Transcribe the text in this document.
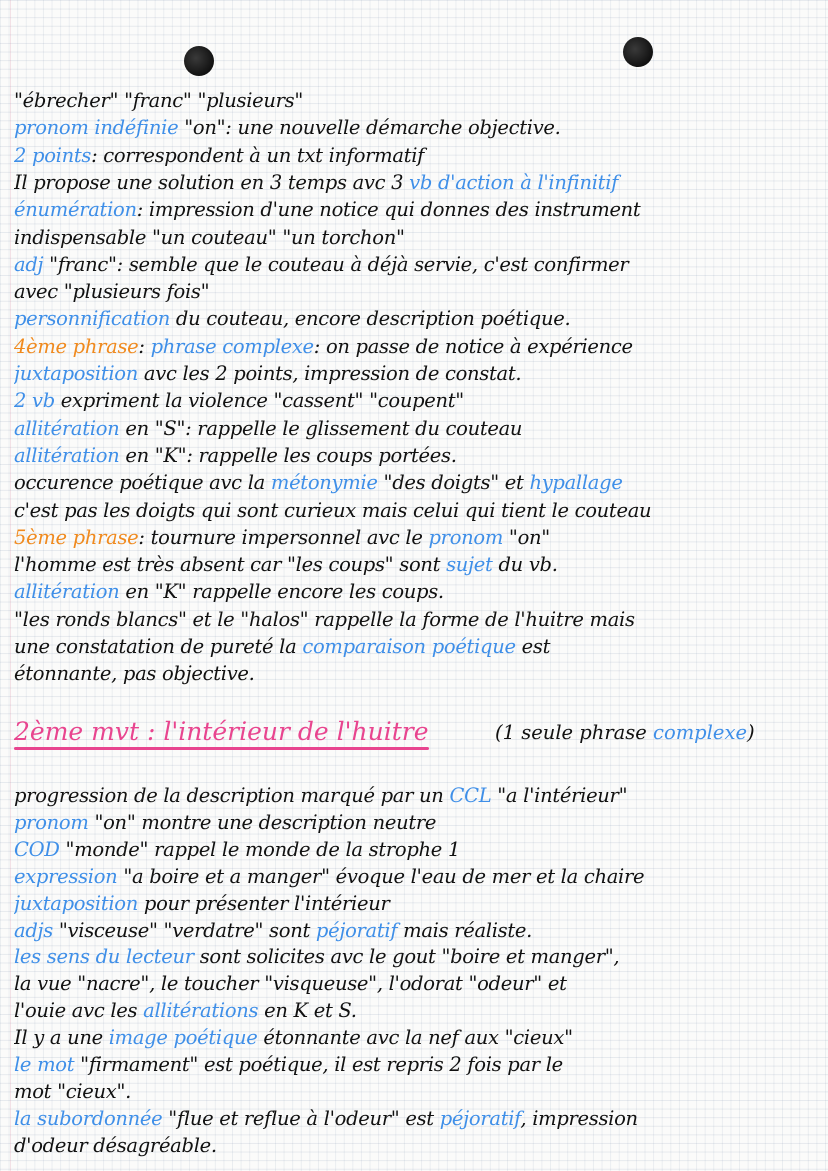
"ébrecher" "franc" "plusieurs"
pronom indéfinie "on": une nouvelle démarche objective.
2 points: correspondent à un txt informatif
Il propose une solution en 3 temps avc 3 vb d'action à l'infinitif
énumération: impression d'une notice qui donnes des instrument
indispensable "un couteau" "un torchon"
adj "franc": semble que le couteau à déjà servie, c'est confirmer
avec "plusieurs fois"
personnification du couteau, encore description poétique.
4ème phrase: phrase complexe: on passe de notice à expérience
juxtaposition avc les 2 points, impression de constat.
2 vb expriment la violence "cassent" "coupent"
allitération en "S": rappelle le glissement du couteau
allitération en "K": rappelle les coups portées.
occurence poétique avc la métonymie "des doigts" et hypallage
c'est pas les doigts qui sont curieux mais celui qui tient le couteau
5ème phrase: tournure impersonnel avc le pronom "on"
l'homme est très absent car "les coups" sont sujet du vb.
allitération en "K" rappelle encore les coups.
"les ronds blancs" et le "halos" rappelle la forme de l'huitre mais
une constatation de pureté la comparaison poétique est
étonnante, pas objective.
2ème mvt : l'intérieur de l'huitre	(1 seule phrase complexe)
progression de la description marqué par un CCL "a l'intérieur"
pronom "on" montre une description neutre
COD "monde" rappel le monde de la strophe 1
expression "a boire et a manger" évoque l'eau de mer et la chaire
juxtaposition pour présenter l'intérieur
adjs "visceuse" "verdatre" sont péjoratif mais réaliste.
les sens du lecteur sont solicites avc le gout "boire et manger",
la vue "nacre", le toucher "visqueuse", l'odorat "odeur" et
l'ouie avc les allitérations en K et S.
Il y a une image poétique étonnante avc la nef aux "cieux"
le mot "firmament" est poétique, il est repris 2 fois par le
mot "cieux".
la subordonnée "flue et reflue à l'odeur" est péjoratif, impression
d'odeur désagréable.
